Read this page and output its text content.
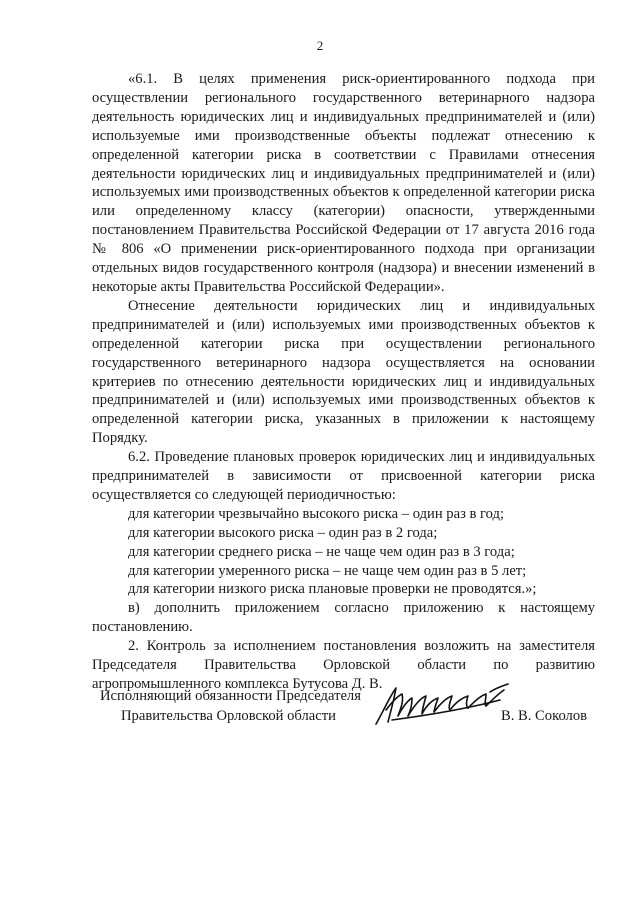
2

«6.1. В целях применения риск-ориентированного подхода при осуществлении регионального государственного ветеринарного надзора деятельность юридических лиц и индивидуальных предпринимателей и (или) используемые ими производственные объекты подлежат отнесению к определенной категории риска в соответствии с Правилами отнесения деятельности юридических лиц и индивидуальных предпринимателей и (или) используемых ими производственных объектов к определенной категории риска или определенному классу (категории) опасности, утвержденными постановлением Правительства Российской Федерации от 17 августа 2016 года № 806 «О применении риск-ориентированного подхода при организации отдельных видов государственного контроля (надзора) и внесении изменений в некоторые акты Правительства Российской Федерации».

Отнесение деятельности юридических лиц и индивидуальных предпринимателей и (или) используемых ими производственных объектов к определенной категории риска при осуществлении регионального государственного ветеринарного надзора осуществляется на основании критериев по отнесению деятельности юридических лиц и индивидуальных предпринимателей и (или) используемых ими производственных объектов к определенной категории риска, указанных в приложении к настоящему Порядку.

6.2. Проведение плановых проверок юридических лиц и индивидуальных предпринимателей в зависимости от присвоенной категории риска осуществляется со следующей периодичностью:

для категории чрезвычайно высокого риска – один раз в год;

для категории высокого риска – один раз в 2 года;

для категории среднего риска – не чаще чем один раз в 3 года;

для категории умеренного риска – не чаще чем один раз в 5 лет;

для категории низкого риска плановые проверки не проводятся.»;

в) дополнить приложением согласно приложению к настоящему постановлению.

2. Контроль за исполнением постановления возложить на заместителя Председателя Правительства Орловской области по развитию агропромышленного комплекса Бутусова Д. В.

Исполняющий обязанности Председателя
Правительства Орловской области	В. В. Соколов
